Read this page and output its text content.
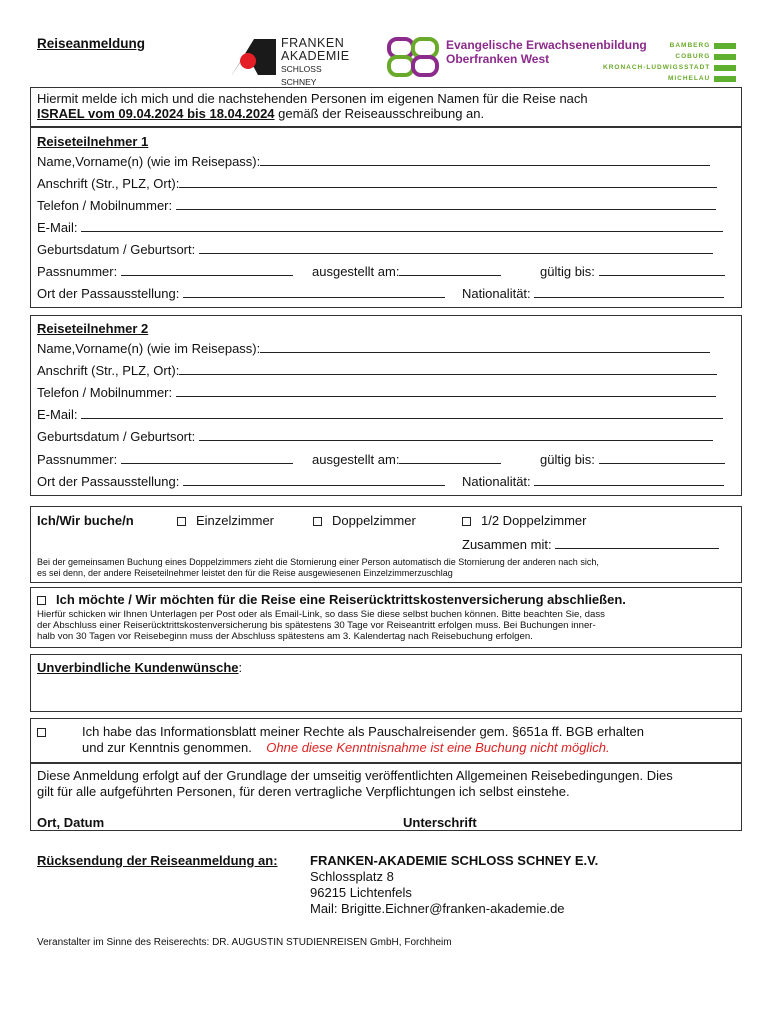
Reiseanmeldung	FRANKEN
AKADEMIE
SCHLOSS SCHNEY
Evangelische Erwachsenenbildung
Oberfranken West
BAMBERG
COBURG
KRONACH-LUDWIGSSTADT
MICHELAU
Hiermit melde ich mich und die nachstehenden Personen im eigenen Namen für die Reise nach
ISRAEL vom 09.04.2024 bis 18.04.2024 gemäß der Reiseausschreibung an.
Reiseteilnehmer 1
Name,Vorname(n) (wie im Reisepass):
Anschrift (Str., PLZ, Ort):
Telefon / Mobilnummer:
E-Mail:
Geburtsdatum / Geburtsort:
Passnummer:	ausgestellt am:	gültig bis:
Ort der Passausstellung:	Nationalität:
Reiseteilnehmer 2
Name,Vorname(n) (wie im Reisepass):
Anschrift (Str., PLZ, Ort):
Telefon / Mobilnummer:
E-Mail:
Geburtsdatum / Geburtsort:
Passnummer:	ausgestellt am:	gültig bis:
Ort der Passausstellung:	Nationalität:
Ich/Wir buche/n	Einzelzimmer	Doppelzimmer	1/2 Doppelzimmer
Zusammen mit:
Bei der gemeinsamen Buchung eines Doppelzimmers zieht die Stornierung einer Person automatisch die Stornierung der anderen nach sich,
es sei denn, der andere Reiseteilnehmer leistet den für die Reise ausgewiesenen Einzelzimmerzuschlag
Ich möchte / Wir möchten für die Reise eine Reiserücktrittskostenversicherung abschließen.
Hierfür schicken wir Ihnen Unterlagen per Post oder als Email-Link, so dass Sie diese selbst buchen können. Bitte beachten Sie, dass
der Abschluss einer Reiserücktrittskostenversicherung bis spätestens 30 Tage vor Reiseantritt erfolgen muss. Bei Buchungen inner-
halb von 30 Tagen vor Reisebeginn muss der Abschluss spätestens am 3. Kalendertag nach Reisebuchung erfolgen.
Unverbindliche Kundenwünsche:
Ich habe das Informationsblatt meiner Rechte als Pauschalreisender gem. §651a ff. BGB erhalten
und zur Kenntnis genommen. Ohne diese Kenntnisnahme ist eine Buchung nicht möglich.
Diese Anmeldung erfolgt auf der Grundlage der umseitig veröffentlichten Allgemeinen Reisebedingungen. Dies
gilt für alle aufgeführten Personen, für deren vertragliche Verpflichtungen ich selbst einstehe.
Ort, Datum	Unterschrift
Rücksendung der Reiseanmeldung an: FRANKEN-AKADEMIE SCHLOSS SCHNEY E.V.
Schlossplatz 8
96215 Lichtenfels
Mail: Brigitte.Eichner@franken-akademie.de
Veranstalter im Sinne des Reiserechts: DR. AUGUSTIN STUDIENREISEN GmbH, Forchheim
